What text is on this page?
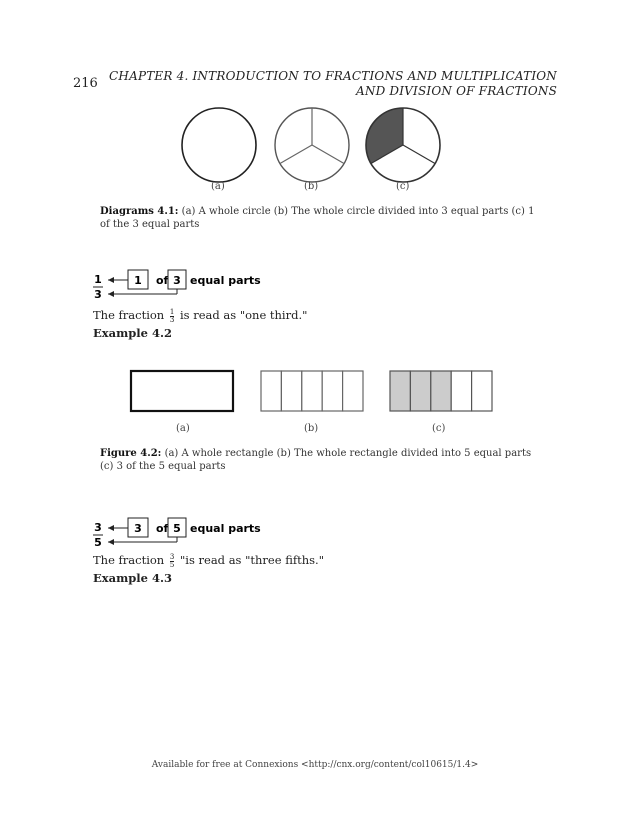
216 CHAPTER 4. INTRODUCTION TO FRACTIONS AND MULTIPLICATION
AND DIVISION OF FRACTIONS
(a)	(b)	(c)
Diagrams 4.1: (a) A whole circle (b) The whole circle divided into 3 equal parts (c) 1 of the 3 equal parts
1
3
1 of 3 equal parts
The fraction $\frac{1}{3}$ is read as "one third."
Example 4.2
(a)	(b)	(c)
Figure 4.2: (a) A whole rectangle (b) The whole rectangle divided into 5 equal parts (c) 3 of the 5 equal parts
3
5
3 of 5 equal parts
The fraction $\frac{3}{5}$ "is read as "three fifths."
Example 4.3
Available for free at Connexions <http://cnx.org/content/col10615/1.4>
